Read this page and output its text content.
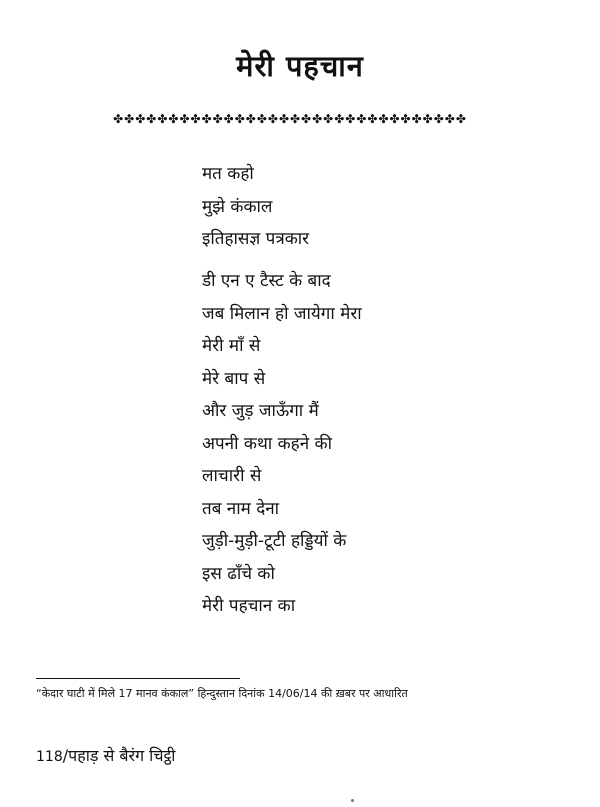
मेरी पहचान
✤✤✤✤✤✤✤✤✤✤✤✤✤✤✤✤✤✤✤✤✤✤✤✤✤✤✤✤✤✤✤✤
मत कहो
मुझे कंकाल
इतिहासज्ञ पत्रकार
डी एन ए टैस्ट के बाद
जब मिलान हो जायेगा मेरा
मेरी माँ से
मेरे बाप से
और जुड़ जाऊँगा मैं
अपनी कथा कहने की
लाचारी से
तब नाम देना
जुड़ी-मुड़ी-टूटी हड्डियों के
इस ढाँचे को
मेरी पहचान का
“केदार घाटी में मिले 17 मानव कंकाल” हिन्दुस्तान दिनांक 14/06/14 की ख़बर पर आधारित
118/पहाड़ से बैरंग चिट्ठी
